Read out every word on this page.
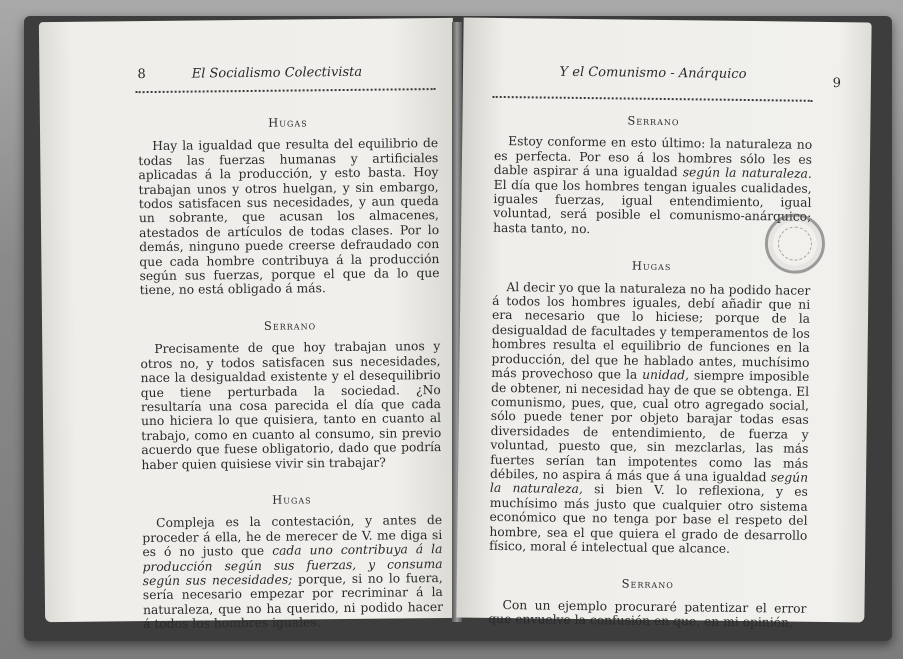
8	El Socialismo Colectivista
Hugas

Hay la igualdad que resulta del equilibrio de todas las fuerzas humanas y artificiales aplicadas á la producción, y esto basta. Hoy trabajan unos y otros huelgan, y sin embargo, todos satisfacen sus necesidades, y aun queda un sobrante, que acusan los almacenes, atestados de artículos de todas clases. Por lo demás, ninguno puede creerse defraudado con que cada hombre contribuya á la producción según sus fuerzas, porque el que da lo que tiene, no está obligado á más.

Serrano

Precisamente de que hoy trabajan unos y otros no, y todos satisfacen sus necesidades, nace la desigualdad existente y el desequilibrio que tiene perturbada la sociedad. ¿No resultaría una cosa parecida el día que cada uno hiciera lo que quisiera, tanto en cuanto al trabajo, como en cuanto al consumo, sin previo acuerdo que fuese obligatorio, dado que podría haber quien quisiese vivir sin trabajar?

Hugas

Compleja es la contestación, y antes de proceder á ella, he de merecer de V. me diga si es ó no justo que cada uno contribuya á la producción según sus fuerzas, y consuma según sus necesidades; porque, si no lo fuera, sería necesario empezar por recriminar á la naturaleza, que no ha querido, ni podido hacer á todos los hombres iguales.

Y el Comunismo - Anárquico
9
Serrano

Estoy conforme en esto último: la naturaleza no es perfecta. Por eso á los hombres sólo les es dable aspirar á una igualdad según la naturaleza. El día que los hombres tengan iguales cualidades, iguales fuerzas, igual entendimiento, igual voluntad, será posible el comunismo-anárquico; hasta tanto, no.

Hugas

Al decir yo que la naturaleza no ha podido hacer á todos los hombres iguales, debí añadir que ni era necesario que lo hiciese; porque de la desigualdad de facultades y temperamentos de los hombres resulta el equilibrio de funciones en la producción, del que he hablado antes, muchísimo más provechoso que la unidad, siempre imposible de obtener, ni necesidad hay de que se obtenga. El comunismo, pues, que, cual otro agregado social, sólo puede tener por objeto barajar todas esas diversidades de entendimiento, de fuerza y voluntad, puesto que, sin mezclarlas, las más fuertes serían tan impotentes como las más débiles, no aspira á más que á una igualdad según la naturaleza, si bien V. lo reflexiona, y es muchísimo más justo que cualquier otro sistema económico que no tenga por base el respeto del hombre, sea el que quiera el grado de desarrollo físico, moral é intelectual que alcance.

Serrano

Con un ejemplo procuraré patentizar el error que envuelve la confusión en que, en mi opinión,
